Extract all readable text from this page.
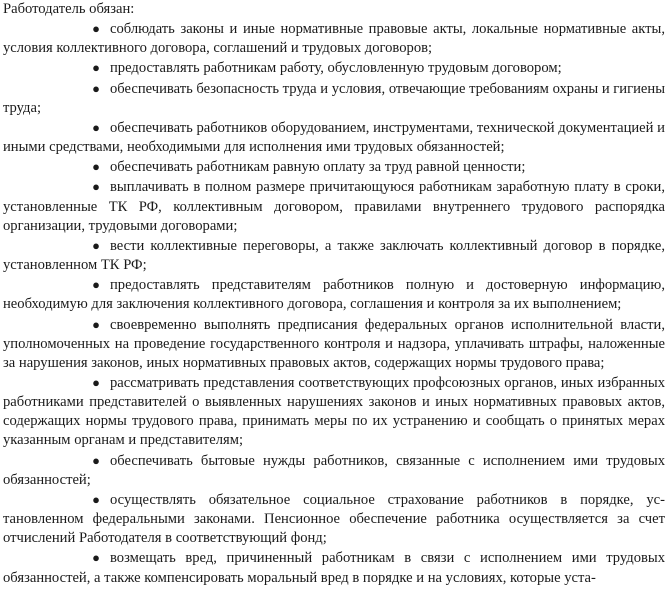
Работодатель обязан:
● соблюдать законы и иные нормативные правовые акты, локальные нормативные акты, условия коллективного договора, соглашений и трудовых договоров;
● предоставлять работникам работу, обусловленную трудовым договором;
● обеспечивать безопасность труда и условия, отвечающие требованиям охраны и гигиены труда;
● обеспечивать работников оборудованием, инструментами, технической документацией и иными средствами, необходимыми для исполнения ими трудовых обязанностей;
● обеспечивать работникам равную оплату за труд равной ценности;
● выплачивать в полном размере причитающуюся работникам заработную плату в сроки, установленные ТК РФ, коллективным договором, правилами внутреннего трудового распорядка организации, трудовыми договорами;
● вести коллективные переговоры, а также заключать коллективный договор в порядке, установленном ТК РФ;
● предоставлять представителям работников полную и достоверную информацию, необходимую для заключения коллективного договора, соглашения и контроля за их выполнением;
● своевременно выполнять предписания федеральных органов исполнительной власти, уполномоченных на проведение государственного контроля и надзора, уплачивать штрафы, наложенные за нарушения законов, иных нормативных правовых актов, содержащих нормы трудового права;
● рассматривать представления соответствующих профсоюзных органов, иных избранных работниками представителей о выявленных нарушениях законов и иных нормативных правовых актов, содержащих нормы трудового права, принимать меры по их устранению и сообщать о принятых мерах указанным органам и представителям;
● обеспечивать бытовые нужды работников, связанные с исполнением ими трудовых обязанностей;
● осуществлять обязательное социальное страхование работников в порядке, установленном федеральными законами. Пенсионное обеспечение работника осуществляется за счет отчислений Работодателя в соответствующий фонд;
● возмещать вред, причиненный работникам в связи с исполнением ими трудовых обязанностей, а также компенсировать моральный вред в порядке и на условиях, которые уста-
